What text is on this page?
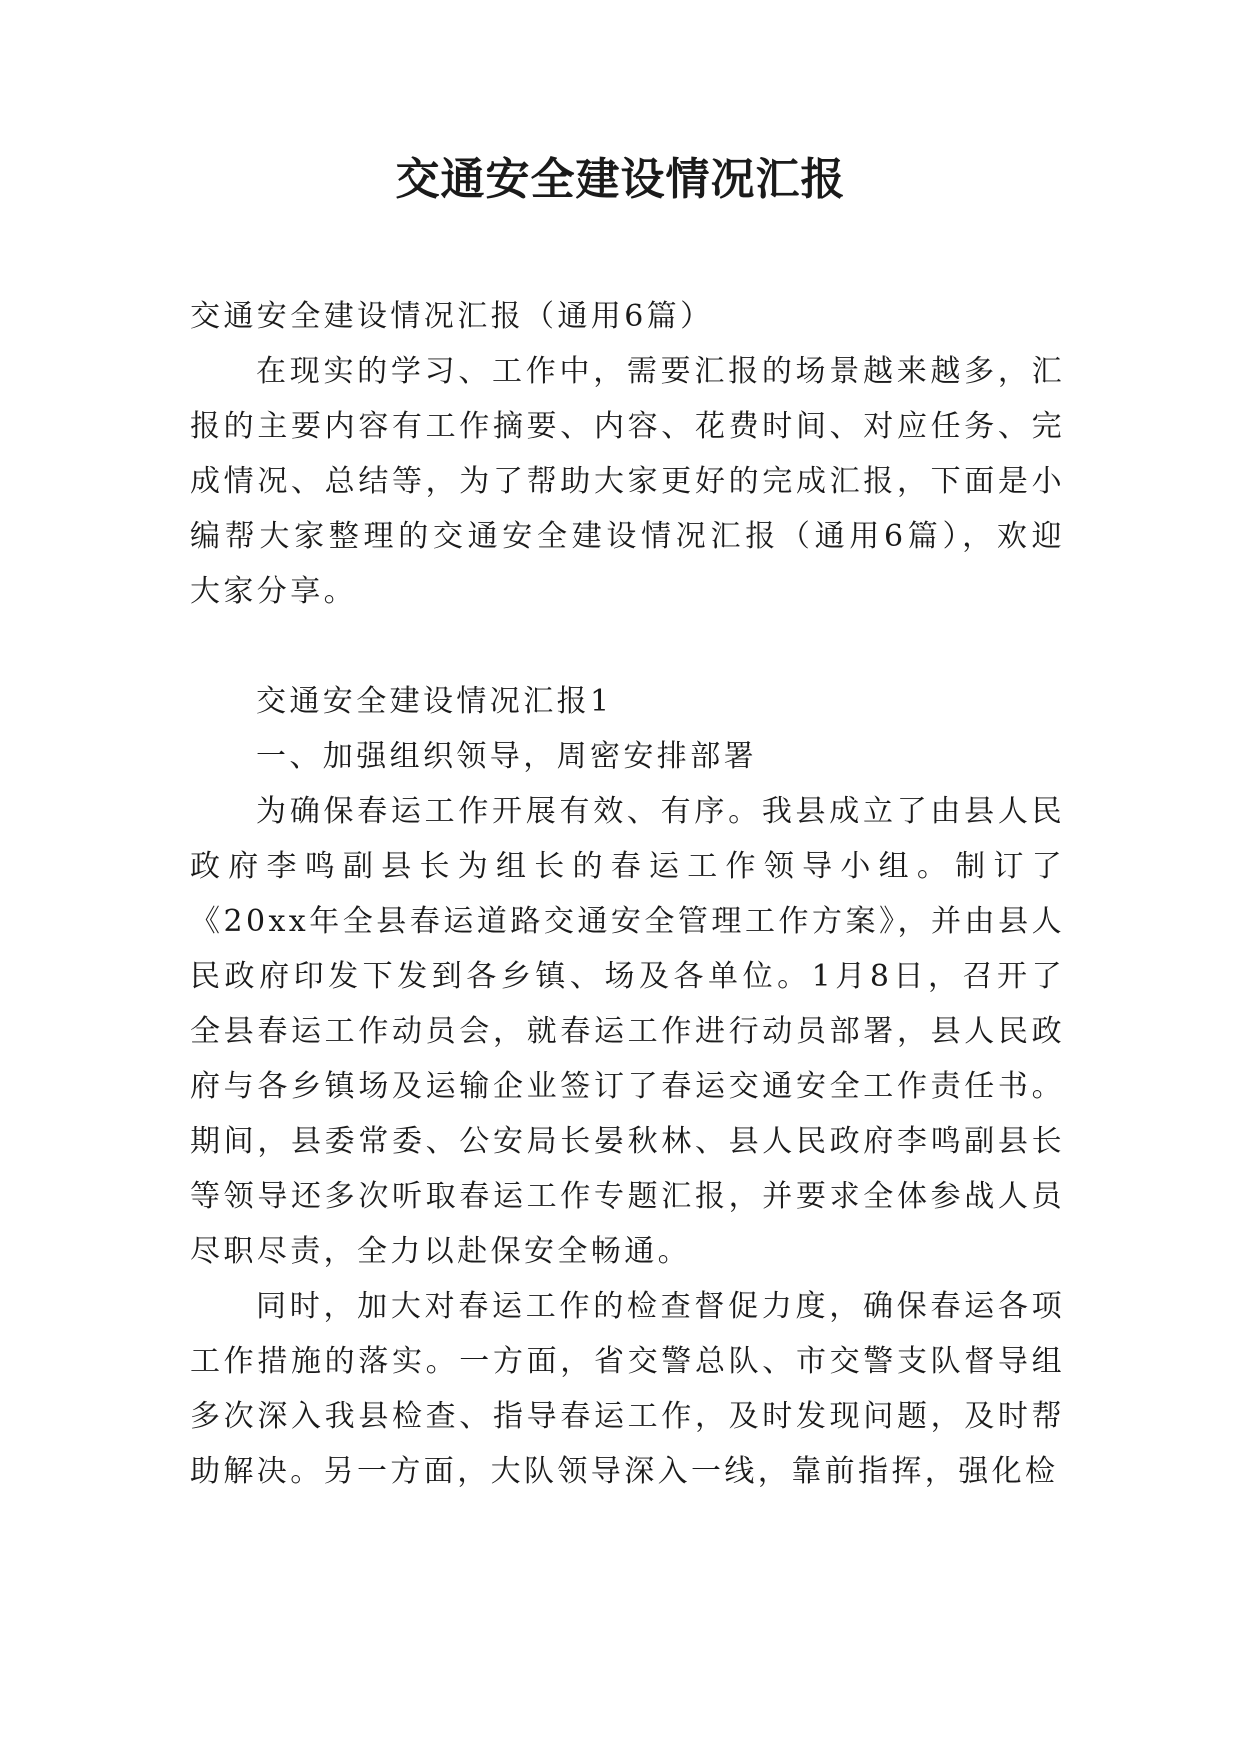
交通安全建设情况汇报

交通安全建设情况汇报（通用6篇）

在现实的学习、工作中，需要汇报的场景越来越多，汇报的主要内容有工作摘要、内容、花费时间、对应任务、完成情况、总结等，为了帮助大家更好的完成汇报，下面是小编帮大家整理的交通安全建设情况汇报（通用6篇），欢迎大家分享。

交通安全建设情况汇报1

一、加强组织领导，周密安排部署

为确保春运工作开展有效、有序。我县成立了由县人民政府李鸣副县长为组长的春运工作领导小组。制订了《20xx年全县春运道路交通安全管理工作方案》，并由县人民政府印发下发到各乡镇、场及各单位。1月8日，召开了全县春运工作动员会，就春运工作进行动员部署，县人民政府与各乡镇场及运输企业签订了春运交通安全工作责任书。期间，县委常委、公安局长晏秋林、县人民政府李鸣副县长等领导还多次听取春运工作专题汇报，并要求全体参战人员尽职尽责，全力以赴保安全畅通。

同时，加大对春运工作的检查督促力度，确保春运各项工作措施的落实。一方面，省交警总队、市交警支队督导组多次深入我县检查、指导春运工作，及时发现问题，及时帮助解决。另一方面，大队领导深入一线，靠前指挥，强化检
